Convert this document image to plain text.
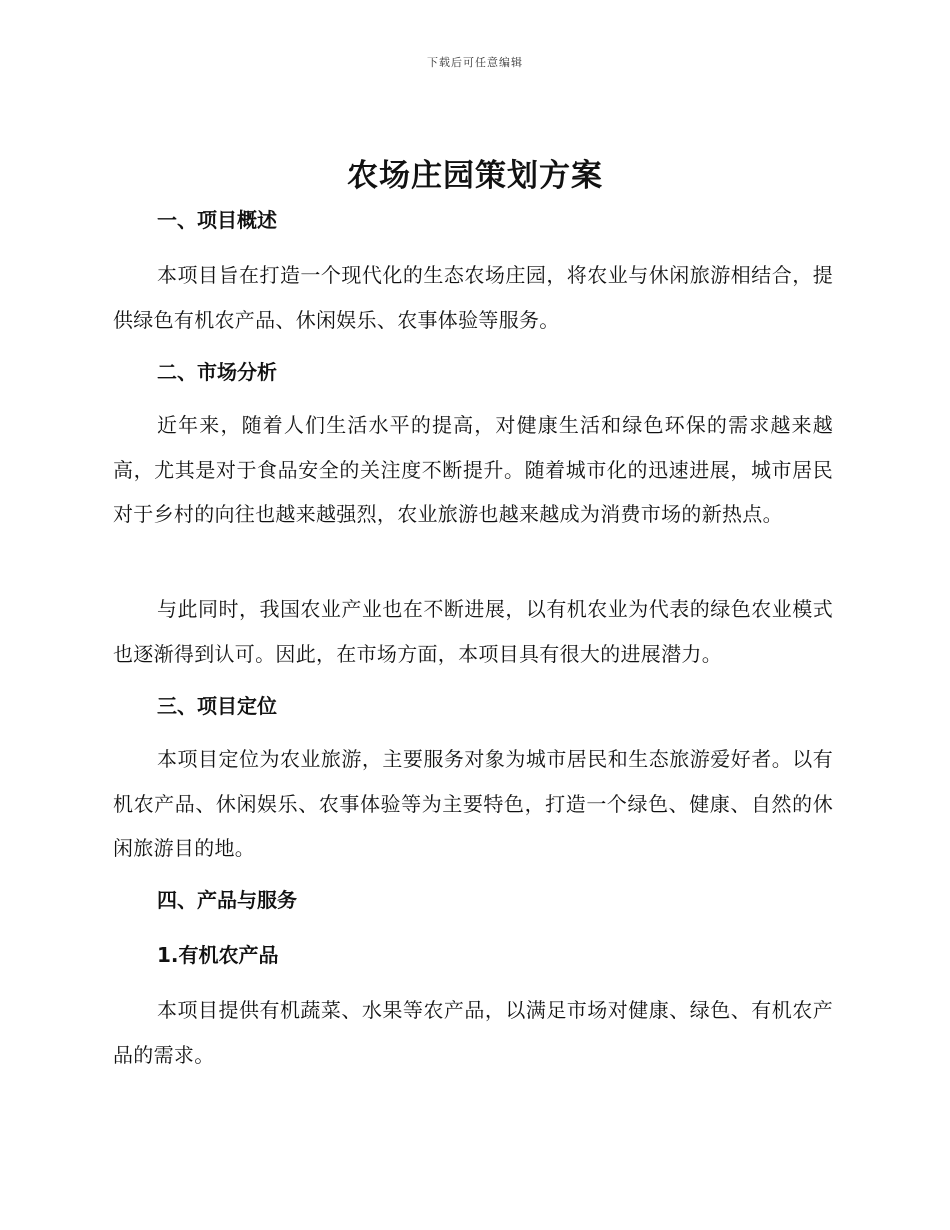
下载后可任意编辑
农场庄园策划方案
一、项目概述

本项目旨在打造一个现代化的生态农场庄园，将农业与休闲旅游相结合，提供绿色有机农产品、休闲娱乐、农事体验等服务。

二、市场分析

近年来，随着人们生活水平的提高，对健康生活和绿色环保的需求越来越高，尤其是对于食品安全的关注度不断提升。随着城市化的迅速进展，城市居民对于乡村的向往也越来越强烈，农业旅游也越来越成为消费市场的新热点。

与此同时，我国农业产业也在不断进展，以有机农业为代表的绿色农业模式也逐渐得到认可。因此，在市场方面，本项目具有很大的进展潜力。

三、项目定位

本项目定位为农业旅游，主要服务对象为城市居民和生态旅游爱好者。以有机农产品、休闲娱乐、农事体验等为主要特色，打造一个绿色、健康、自然的休闲旅游目的地。

四、产品与服务
1.有机农产品

本项目提供有机蔬菜、水果等农产品，以满足市场对健康、绿色、有机农产品的需求。
